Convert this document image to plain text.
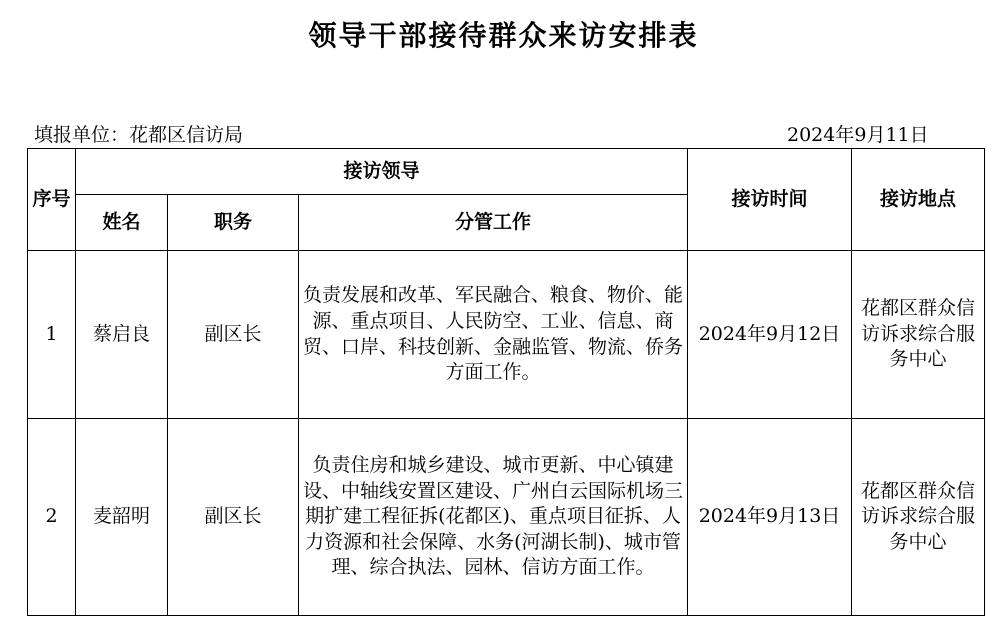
领导干部接待群众来访安排表
填报单位：花都区信访局	2024年9月11日
序号	接访领导			接访时间	接访地点
	姓名	职务	分管工作		
1	蔡启良	副区长	负责发展和改革、军民融合、粮食、物价、能源、重点项目、人民防空、工业、信息、商贸、口岸、科技创新、金融监管、物流、侨务方面工作。	2024年9月12日	花都区群众信访诉求综合服务中心
2	麦韶明	副区长	负责住房和城乡建设、城市更新、中心镇建设、中轴线安置区建设、广州白云国际机场三期扩建工程征拆(花都区)、重点项目征拆、人力资源和社会保障、水务(河湖长制)、城市管理、综合执法、园林、信访方面工作。	2024年9月13日	花都区群众信访诉求综合服务中心
